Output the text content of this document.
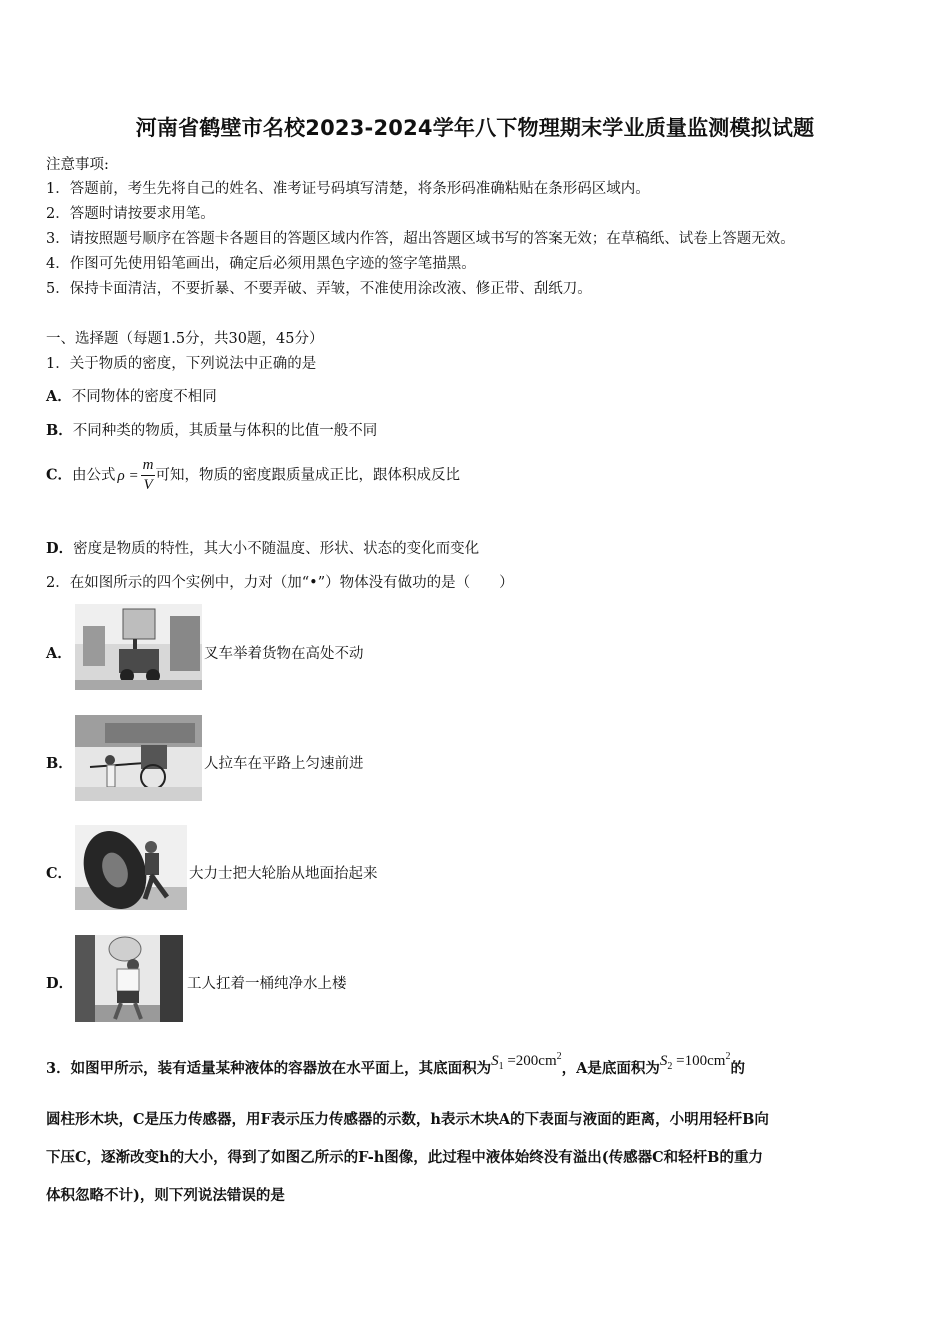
河南省鹤壁市名校2023-2024学年八下物理期末学业质量监测模拟试题
注意事项:
1．答题前，考生先将自己的姓名、准考证号码填写清楚，将条形码准确粘贴在条形码区域内。
2．答题时请按要求用笔。
3．请按照题号顺序在答题卡各题目的答题区域内作答，超出答题区域书写的答案无效；在草稿纸、试卷上答题无效。
4．作图可先使用铅笔画出，确定后必须用黑色字迹的签字笔描黑。
5．保持卡面清洁，不要折暴、不要弄破、弄皱，不准使用涂改液、修正带、刮纸刀。
一、选择题（每题1.5分，共30题，45分）
1．关于物质的密度，下列说法中正确的是
A．不同物体的密度不相同
B．不同种类的物质，其质量与体积的比值一般不同
C．由公式 $\rho = \frac{m}{V}$ 可知，物质的密度跟质量成正比，跟体积成反比
D．密度是物质的特性，其大小不随温度、形状、状态的变化而变化
2．在如图所示的四个实例中，力对（加“•”）物体没有做功的是（　　）
A．	叉车举着货物在高处不动
B．	人拉车在平路上匀速前进
C．	大力士把大轮胎从地面抬起来
D．	工人扛着一桶纯净水上楼
3．如图甲所示，装有适量某种液体的容器放在水平面上，其底面积为$S_1 =200cm^2$，A是底面积为$S_2 =100cm^2$的
圆柱形木块，C是压力传感器，用F表示压力传感器的示数，h表示木块A的下表面与液面的距离，小明用轻杆B向
下压C，逐渐改变h的大小，得到了如图乙所示的F-h图像，此过程中液体始终没有溢出(传感器C和轻杆B的重力
体积忽略不计)，则下列说法错误的是
